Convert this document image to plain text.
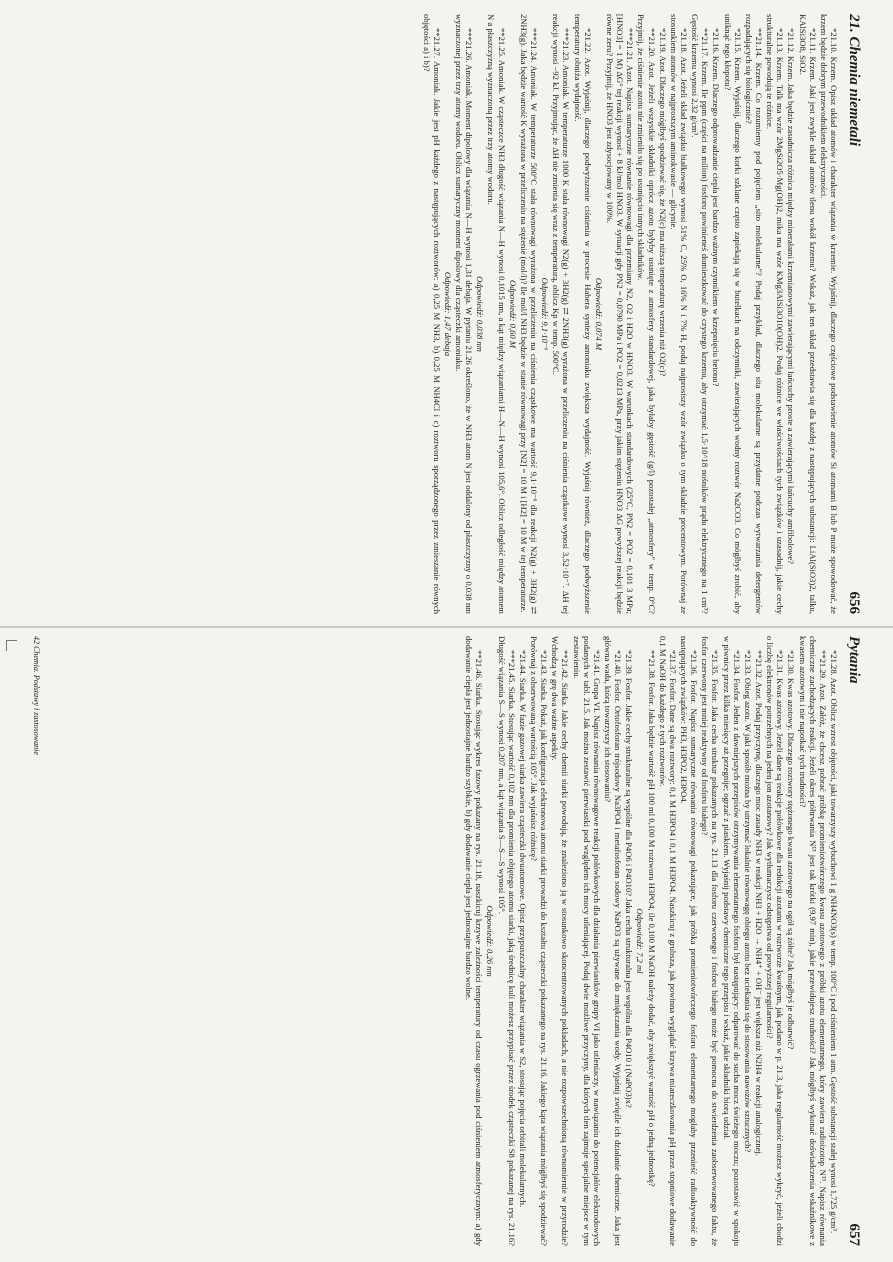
21. Chemia niemetali
656

*21.10. Krzem. Opisz układ atomów i charakter wiązania w krzemie. Wyjaśnij, dlaczego częściowe podstawienie atomów Si atomami B lub P może spowodować, że krzem będzie dobrym przewodnikiem elektryczności.

*21.11. Krzem. Jaki jest zwykle układ atomów tlenu wokół krzemu? Wskaż, jak ten układ przedstawia się dla każdej z następujących substancji: LiAl(SiO3)2, talku, KAlSi3O8, SiO2.

*21.12. Krzem. Jaka będzie zasadnicza różnica między minerałami krzemianowymi zawierającymi łańcuchy proste a zawierającymi łańcuchy amfibolowe?

*21.13. Krzem. Talk ma wzór 2MgSi2O5·Mg(OH)2, mika ma wzór KMg3AlSi3O10(OH)2. Podaj różnice we właściwościach tych związków i uzasadnij, jakie cechy strukturalne powodują te różnice.

**21.14. Krzem. Co rozumiemy pod pojęciem „sito molekularne"? Podaj przykład, dlaczego sita molekularne są przydatne podczas wytwarzania detergentów rozpadających się biologicznie?

*21.15. Krzem. Wyjaśnij, dlaczego korki szklane często zapiekają się w butelkach na odczynniki, zawierających wodny roztwór Na2CO3. Co mógłbyś zrobić, aby uniknąć tego kłopotu?

*21.16. Krzem. Dlaczego odprowadzanie ciepła jest bardzo ważnym czynnikiem w krzepnięciu betonu?

**21.17. Krzem. Ile ppm (części na milion) fosforu powinieneś domieszkować do czystego krzemu, aby otrzymać 1,5·10^18 nośników prądu elektrycznego na 1 cm³? Gęstość krzemu wynosi 2,32 g/cm³.

*21.18. Azot. Jeżeli skład związku białkowego wynosi 51% C, 25% O, 16% N i 7% H, podaj najprostszy wzór związku o tym składzie procentowym. Porównaj ze stosunkiem atomów w najprostszym aminokwasie — glicynie.

*21.19. Azot. Dlaczego mógłbyś spodziewać się, że N2(c) ma niższą temperaturę wrzenia niż O2(c)?

**21.20. Azot. Jeżeli wszystkie składniki oprócz azotu byłyby usunięte z atmosfery standardowej, jaka byłaby gęstość (g/l) pozostałej „atmosfery" w temp. 0°C? Przyjmij, że ciśnienie azotu nie zmieniło się po usunięciu innych składników.

***21.21. Azot. Napisz sumaryczne równanie równowagi dla przemiany N2, O2 i H2O w HNO3. W warunkach standardowych (25°C, PN2 = PO2 = 0,101 3 MPa; [HNO3] = 1 M) ΔG° tej reakcji wynosi + 8 kJ/mol HNO3. W sytuacji gdy PN2 = 0,0790 MPa i PO2 = 0,0213 MPa, przy jakim stężeniu HNO3 ΔG powyższej reakcji będzie równe zeru? Przyjmij, że HNO3 jest zdysocjowany w 100%.

Odpowiedź: 0,074 M

*21.22. Azot. Wyjaśnij, dlaczego podwyższenie ciśnienia w procesie Habera syntezy amoniaku zwiększa wydajność. Wyjaśnij również, dlaczego podwyższenie temperatury obniża wydajność.

***21.23. Amoniak. W temperaturze 1000 K stała równowagi N2(g) + 3H2(g) ⇄ 2NH3(g) wyrażona w przeliczeniu na ciśnienia cząstkowe wynosi 3,52·10⁻⁷. ΔH tej reakcji wynosi −92 kJ. Przyjmując, że ΔH nie zmienia się wraz z temperaturą, oblicz Kp w temp. 500°C.

Odpowiedź: 9,1·10⁻⁶

***21.24. Amoniak. W temperaturze 500°C stała równowagi wyrażona w przeliczeniu na ciśnienia cząstkowe ma wartość 9,1·10⁻⁶ dla reakcji N2(g) + 3H2(g) ⇄ 2NH3(g). Jaka będzie wartość K wyrażona w przeliczeniu na stężenie (mol/l)? Ile mol/l NH3 będzie w stanie równowagi przy [N2] = 10 M i [H2] = 10 M w tej temperaturze.

Odpowiedź: 0,60 M

**21.25. Amoniak. W cząsteczce NH3 długość wiązania N—H wynosi 0,1015 nm, a kąt między wiązaniami H—N—H wynosi 105,6°. Oblicz odległość między atomem N a płaszczyzną wyznaczoną przez trzy atomy wodoru.

Odpowiedź: 0,038 nm

***21.26. Amoniak. Moment dipolowy dla wiązania N—H wynosi 1,31 debaja. W pytaniu 21.26 określono, że w NH3 atom N jest oddalony od płaszczyzny o 0,038 nm wyznaczonej przez trzy atomy wodoru. Oblicz sumaryczny moment dipolowy dla cząsteczki amoniaku.

Odpowiedź: 1,47 debaja

**21.27. Amoniak. Jakie jest pH każdego z następujących roztworów: a) 0,25 M NH3, b) 0,25 M NH4Cl i c) roztworu sporządzonego przez zmieszanie równych objętości a) i b)?

Pytania
657

*21.28. Azot. Oblicz wzrost objętości, jaki towarzyszy wybuchowi 1 g NH4NO3(s) w temp. 100°C i pod ciśnieniem 1 atm. Gęstość substancji stałej wynosi 1,725 g/cm³.

**21.29. Azot. Załóż, że chcesz pobrać próbkę promieniotwórczego kwasu azotowego z próbki azotu elementarnego, który zawiera radioizotop N¹³. Napisz równania chemiczne zachodzących reakcji. Jeżeli okres półtrwania N¹³ jest tak krótki (9,97 min), jakie przewidujesz trudności? Jak mógłbyś wykonać doświadczenia wskaźnikowe z kwasem azotowym i nie napotkać tych trudności?

*21.30. Kwas azotowy. Dlaczego roztwory stężonego kwasu azotowego na ogół są żółte? Jak mógłbyś je odbarwić?

*21.31. Kwas azotowy. Jeżeli dane są reakcje połówkowe dla redukcji azotanu w roztworze kwaśnym, jak podano w p. 21.3, jaka regularność możesz wykryć, jeżeli chodzi o liczbę elektronów potrzebnych na jeden jon azotanowy? Jak wytłumaczysz odstępstwa od powyższej regularności?

**21.32. Azot. Podaj przyczynę, dlaczego moc zasady NH3 w reakcji NH3 + H2O → NH4⁺ + OH⁻ jest większa niż N2H4 w reakcji analogicznej.

*21.33. Obieg azotu. W jaki sposób można by utrzymać lokalnie równowagę obiegu azotu bez uciekania się do stosowania nawozów sztucznych?

*21.34. Fosfor. Jeden z dawniejszych przepisów otrzymywania elementarnego fosforu był następujący: odparować do sucha mocz świeżego moczu; pozostawić w spokoju w piwnicy przez kilka miesięcy aż przegnije; ogrzać z piaskiem. Wyjaśnij podstawy chemiczne tego przepisu i wskaż, jakie składniki biorą udział.

*21.35. Fosfor. Jaka cecha struktur pokazanych na rys. 21.13 dla fosforu czerwonego i fosforu białego może być pomocna do stwierdzenia zaobserwowanego faktu, że fosfor czerwony jest mniej reaktywny od fosforu białego?

*21.36. Fosfor. Napisz sumaryczne równania równowagi pokazujące, jak próbka promieniotwórczego fosforu elementarnego mogłaby przenieść radioaktywność do następujących związków: PH3, H3PO2, H3PO4.

*21.37. Fosfor. Dane są dwa roztwory: 0,1 M H3PO4 i 0,1 M H3PO4. Naszkicuj z grubsza, jak powinna wyglądać krzywa miareczkowania pH przez stopniowe dodawanie 0,1 M NaOH do każdego z tych roztworów.

**21.38. Fosfor. Jaka będzie wartość pH 100 ml 0,100 M roztworu H3PO4, ile 0,100 M NaOH należy dodać, aby zwiększyć wartość pH o jedną jednostkę?

Odpowiedź: 7,2 ml

*21.39. Fosfor. Jakie cechy strukturalne są wspólne dla P4O6 i P4O10? Jaka cecha strukturalna jest wspólna dla P4O10 i (NaPO3)x?

*21.40. Fosfor. Ortofosforan trójsodowy Na3PO4 i metafosforan sodowy NaPO3 są używane do zmiękczania wody. Wyjaśnij zwięźle ich działanie chemiczne. Jaka jest główna wada, którą towarzyszy ich stosowaniu?

*21.41. Grupa VI. Napisz równania równowagowe reakcji połówkowych dla działania pierwiastków grupy VI jako utleniaczy, w nawiązaniu do potencjałów elektrodowych podanych w tabl. 21.5. Jak można zestawić pierwiastki pod względem ich mocy utleniającej. Podaj dwie możliwe przyczyny, dla których tlen zajmuje specjalne miejsce w tym zestawieniu.

**21.42. Siarka. Jakie cechy chemii siarki powodują, że znaleziono ją w stosunkowo skoncentrowanych pokładach, a nie rozpowszechnioną równomiernie w przyrodzie? Wchodzą w grę dwa ważne aspekty.

*21.43. Siarka. Pokaż, jak konfiguracja elektronowa atomu siarki prowadzi do kształtu cząsteczki pokazanego na rys. 21.16. Jakiego kąta wiązania mógłbyś się spodziewać? Porównaj z obserwowaną wartością 105°. Jak wyjaśnisz różnicę?

*21.44. Siarka. W fazie gazowej siarka zawiera cząsteczki dwuatomowe. Opisz przypuszczalny charakter wiązania w S2, stosując pojęcia orbitali molekularnych.

***21.45. Siarka. Stosując wartość 0,102 nm dla promienia objętego atomu siarki, jaką średnicę kuli możesz przypisać przez środek cząsteczki S8 pokazanej na rys. 21.16? Długość wiązania S—S wynosi 0,207 nm, a kąt wiązania S—S—S wynosi 105°.

Odpowiedź: 0,26 nm

**21.46. Siarka. Stosując wykres fazowy pokazany na rys. 21.18, naszkicuj krzywe zależności temperatury od czasu ogrzewania pod ciśnieniem atmosferycznym: a) gdy dodawanie ciepła jest jednostajne bardzo szybkie, b) gdy dodawanie ciepła jest jednostajne bardzo wolne.

42 Chemia. Podstawy i zastosowanie
